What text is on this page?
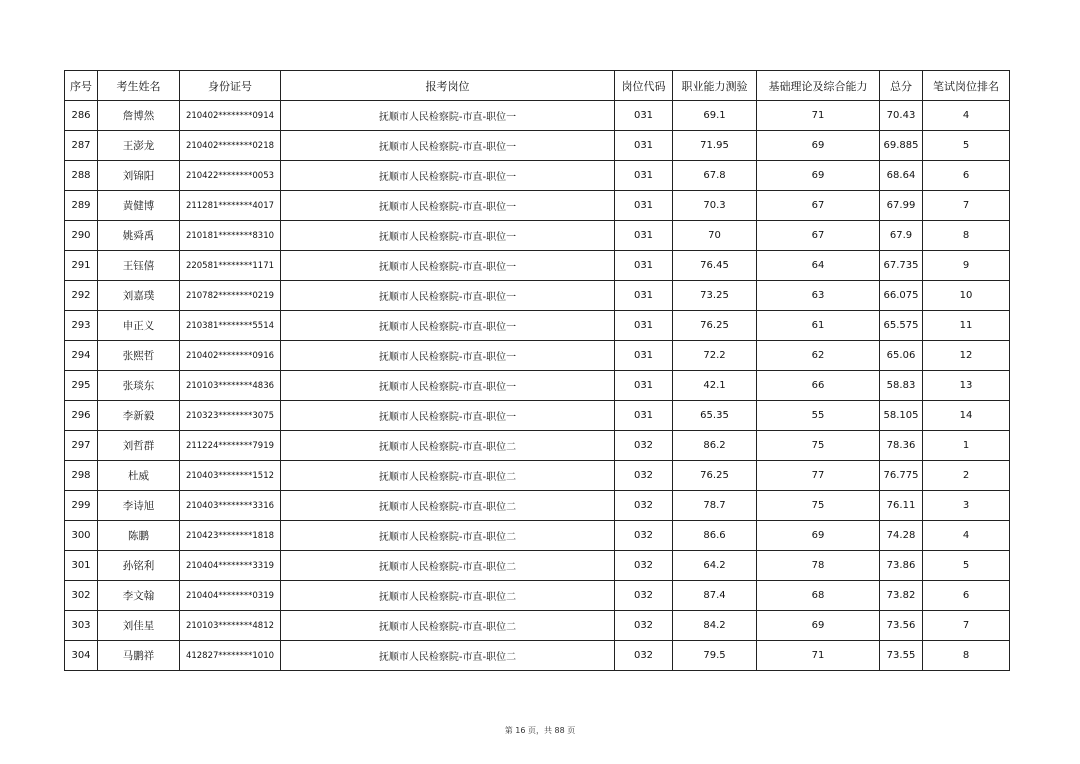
序号	考生姓名	身份证号	报考岗位	岗位代码	职业能力测验	基础理论及综合能力	总分	笔试岗位排名
286	詹博然	210402********0914	抚顺市人民检察院-市直-职位一	031	69.1	71	70.43	4
287	王澎龙	210402********0218	抚顺市人民检察院-市直-职位一	031	71.95	69	69.885	5
288	刘锦阳	210422********0053	抚顺市人民检察院-市直-职位一	031	67.8	69	68.64	6
289	黄健博	211281********4017	抚顺市人民检察院-市直-职位一	031	70.3	67	67.99	7
290	姚舜禹	210181********8310	抚顺市人民检察院-市直-职位一	031	70	67	67.9	8
291	王钰僖	220581********1171	抚顺市人民检察院-市直-职位一	031	76.45	64	67.735	9
292	刘嘉璞	210782********0219	抚顺市人民检察院-市直-职位一	031	73.25	63	66.075	10
293	申正义	210381********5514	抚顺市人民检察院-市直-职位一	031	76.25	61	65.575	11
294	张熙哲	210402********0916	抚顺市人民检察院-市直-职位一	031	72.2	62	65.06	12
295	张琰东	210103********4836	抚顺市人民检察院-市直-职位一	031	42.1	66	58.83	13
296	李新毅	210323********3075	抚顺市人民检察院-市直-职位一	031	65.35	55	58.105	14
297	刘哲群	211224********7919	抚顺市人民检察院-市直-职位二	032	86.2	75	78.36	1
298	杜威	210403********1512	抚顺市人民检察院-市直-职位二	032	76.25	77	76.775	2
299	李诗旭	210403********3316	抚顺市人民检察院-市直-职位二	032	78.7	75	76.11	3
300	陈鹏	210423********1818	抚顺市人民检察院-市直-职位二	032	86.6	69	74.28	4
301	孙铭利	210404********3319	抚顺市人民检察院-市直-职位二	032	64.2	78	73.86	5
302	李文翰	210404********0319	抚顺市人民检察院-市直-职位二	032	87.4	68	73.82	6
303	刘佳星	210103********4812	抚顺市人民检察院-市直-职位二	032	84.2	69	73.56	7
304	马鹏祥	412827********1010	抚顺市人民检察院-市直-职位二	032	79.5	71	73.55	8
第 16 页，共 88 页
